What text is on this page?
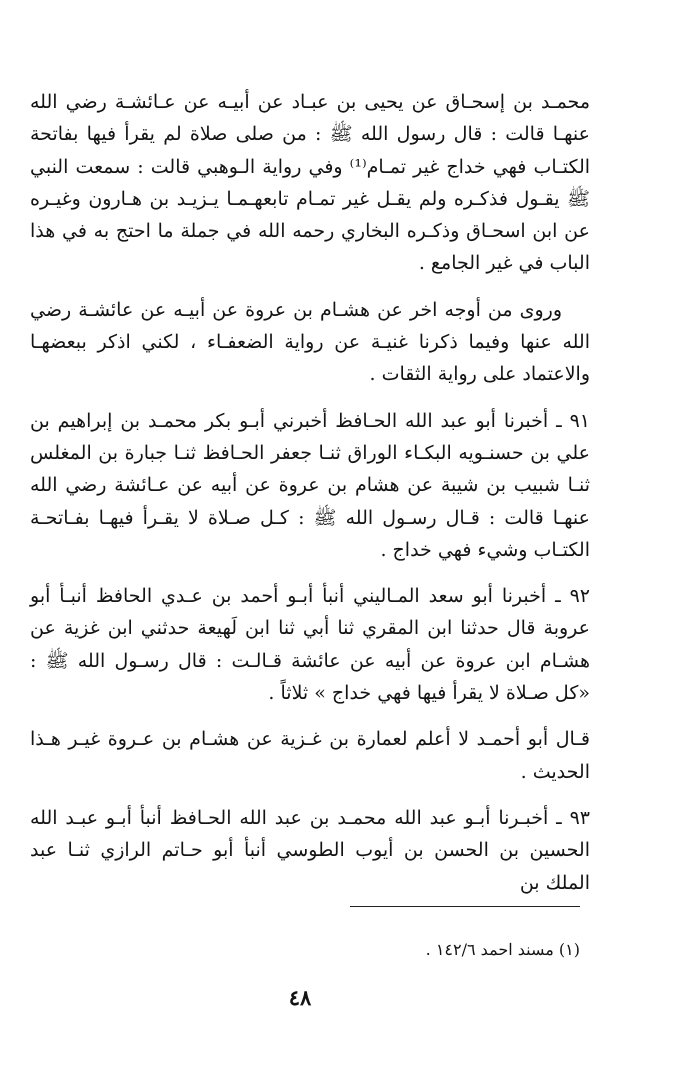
محمـد بن إسحـاق عن يحيى بن عبـاد عن أبيـه عن عـائشـة رضي الله عنهـا قالت : قال رسول الله ﷺ : من صلى صلاة لم يقرأ فيها بفاتحة الكتـاب فهي خداج غير تمـام⁽¹⁾ وفي رواية الـوهبي قالت : سمعت النبي ﷺ يقـول فذكـره ولم يقـل غير تمـام تابعهـمـا يـزيـد بن هـارون وغيـره عن ابن اسحـاق وذكـره البخاري رحمه الله في جملة ما احتج به في هذا الباب في غير الجامع .

وروى من أوجه اخر عن هشـام بن عروة عن أبيـه عن عائشـة رضي الله عنها وفيما ذكرنا غنيـة عن رواية الضعفـاء ، لكني اذكر ببعضهـا والاعتماد على رواية الثقات .

٩١ ـ أخبرنا أبو عبد الله الحـافظ أخبرني أبـو بكر محمـد بن إبراهيم بن علي بن حسنـويه البكـاء الوراق ثنـا جعفر الحـافظ ثنـا جبارة بن المغلس ثنـا شبيب بن شيبة عن هشام بن عروة عن أبيه عن عـائشة رضي الله عنهـا قالت : قـال رسـول الله ﷺ : كـل صـلاة لا يقـرأ فيهـا بفـاتحـة الكتـاب وشيء فهي خداج .

٩٢ ـ أخبرنا أبو سعد المـاليني أنبأ أبـو أحمد بن عـدي الحافظ أنبـأ أبو عروبة قال حدثنا ابن المقري ثنا أبي ثنا ابن لَهيعة حدثني ابن غزية عن هشـام ابن عروة عن أبيه عن عائشة قـالـت : قال رسـول الله ﷺ : «كل صـلاة لا يقرأ فيها فهي خداج » ثلاثاً .

قـال أبو أحمـد لا أعلم لعمارة بن غـزية عن هشـام بن عـروة غيـر هـذا الحديث .

٩٣ ـ أخبـرنا أبـو عبد الله محمـد بن عبد الله الحـافظ أنبأ أبـو عبـد الله الحسين بن الحسن بن أيوب الطوسي أنبأ أبو حـاتم الرازي ثنـا عبد الملك بن

(١) مسند احمد ١٤٢/٦ .
٤٨
